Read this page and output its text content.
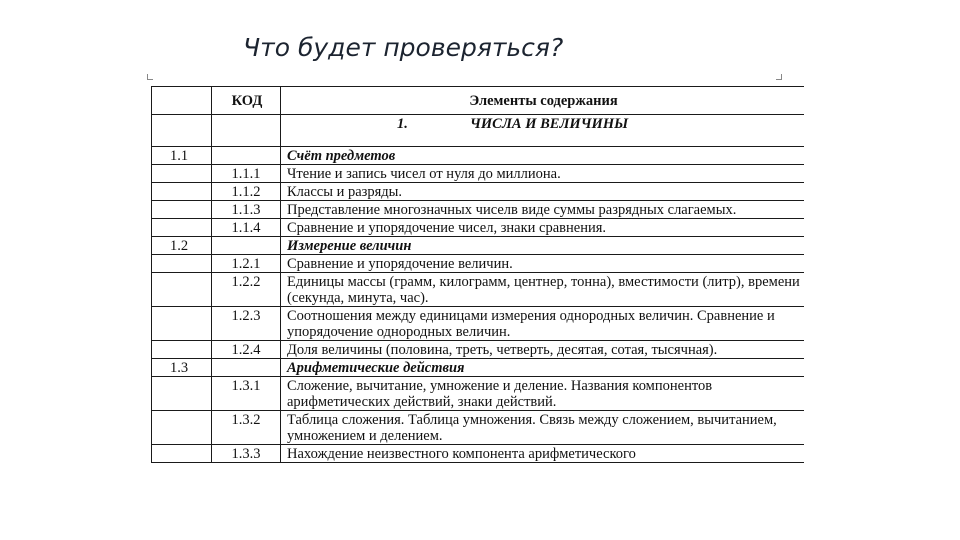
Что будет проверяться?
	КОД	Элементы содержания
		1. ЧИСЛА И ВЕЛИЧИНЫ
1.1		Счёт предметов
	1.1.1	Чтение и запись чисел от нуля до миллиона.
	1.1.2	Классы и разряды.
	1.1.3	Представление многозначных чиселв виде суммы разрядных слагаемых.
	1.1.4	Сравнение и упорядочение чисел, знаки сравнения.
1.2		Измерение величин
	1.2.1	Сравнение и упорядочение величин.
	1.2.2	Единицы массы (грамм, килограмм, центнер, тонна), вместимости (литр), времени (секунда, минута, час).
	1.2.3	Соотношения между единицами измерения однородных величин. Сравнение и упорядочение однородных величин.
	1.2.4	Доля величины (половина, треть, четверть, десятая, сотая, тысячная).
1.3		Арифметические действия
	1.3.1	Сложение, вычитание, умножение и деление. Названия компонентов арифметических действий, знаки действий.
	1.3.2	Таблица сложения. Таблица умножения. Связь между сложением, вычитанием, умножением и делением.
	1.3.3	Нахождение неизвестного компонента арифметического
